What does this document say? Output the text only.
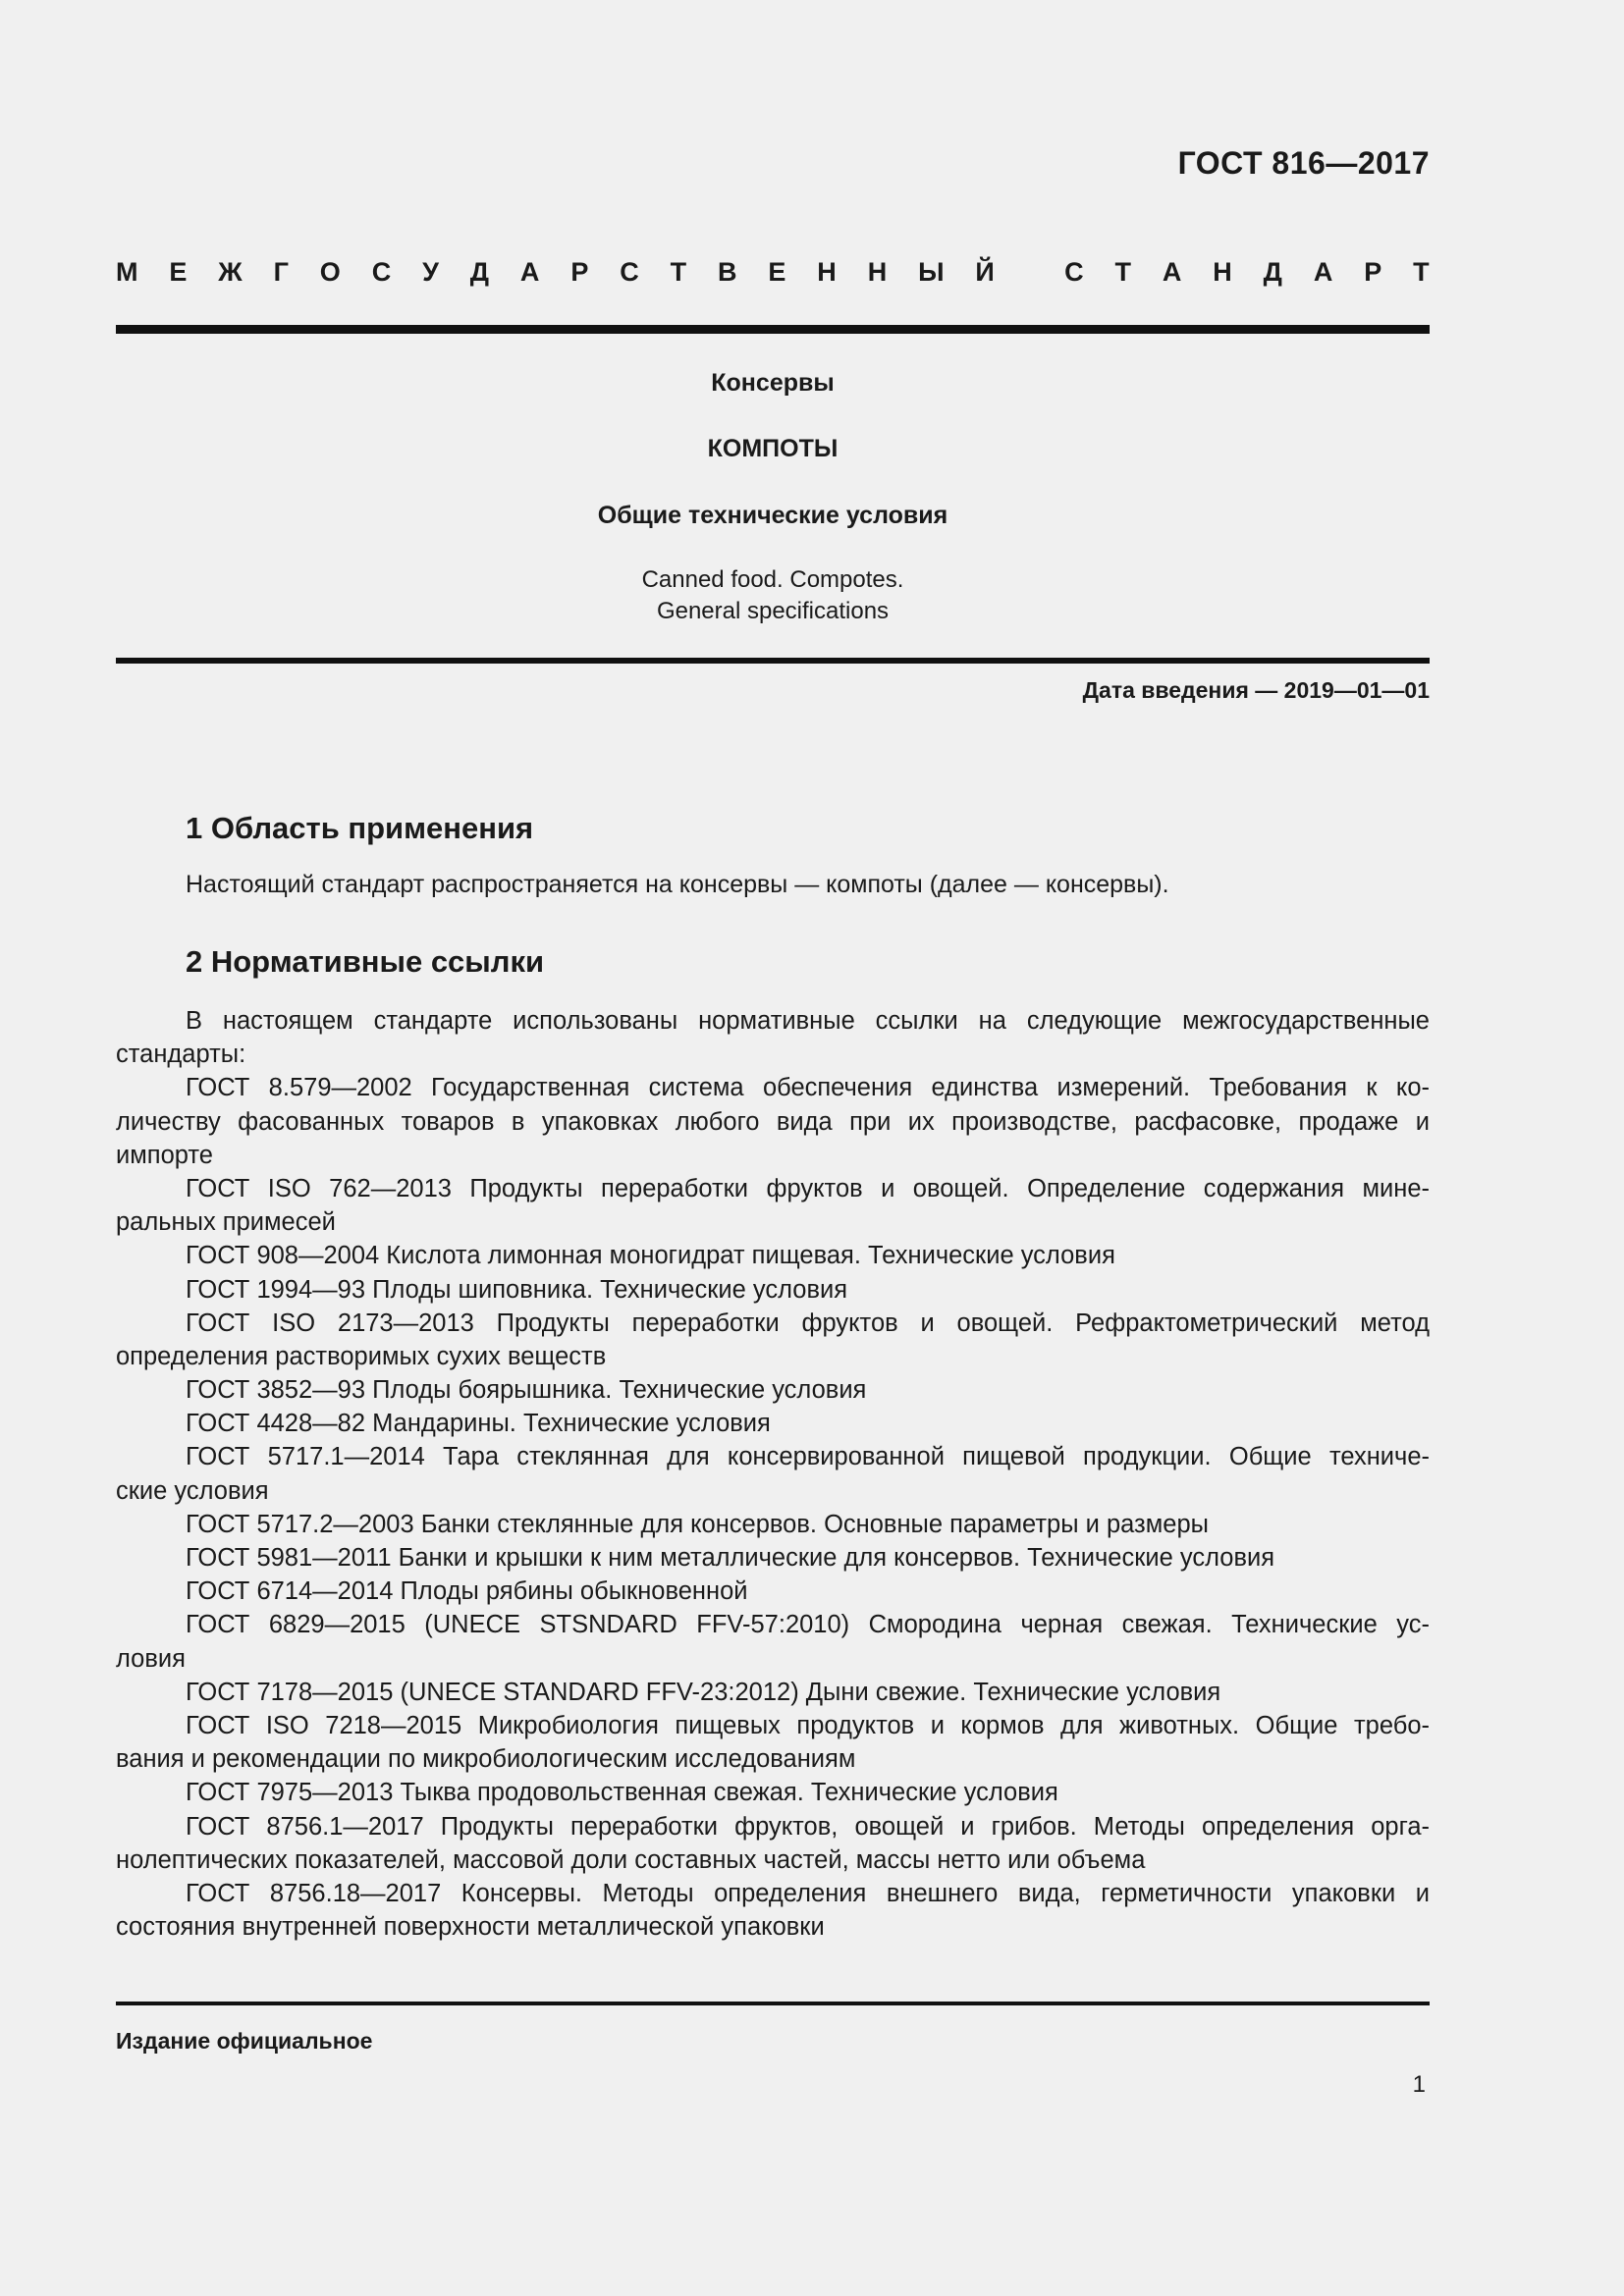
ГОСТ 816—2017
М Е Ж Г О С У Д А Р С Т В Е Н Н Ы Й
	С Т А Н Д А Р Т
Консервы
КОМПОТЫ
Общие технические условия
Canned food. Compotes.
General specifications
Дата введения — 2019—01—01
1 Область применения
Настоящий стандарт распространяется на консервы — компоты (далее — консервы).
2 Нормативные ссылки
В настоящем стандарте использованы нормативные ссылки на следующие межгосударственные
стандарты:
ГОСТ 8.579—2002 Государственная система обеспечения единства измерений. Требования к ко-
личеству фасованных товаров в упаковках любого вида при их производстве, расфасовке, продаже и
импорте
ГОСТ ISO 762—2013 Продукты переработки фруктов и овощей. Определение содержания мине-
ральных примесей
ГОСТ 908—2004 Кислота лимонная моногидрат пищевая. Технические условия
ГОСТ 1994—93 Плоды шиповника. Технические условия
ГОСТ ISO 2173—2013 Продукты переработки фруктов и овощей. Рефрактометрический метод
определения растворимых сухих веществ
ГОСТ 3852—93 Плоды боярышника. Технические условия
ГОСТ 4428—82 Мандарины. Технические условия
ГОСТ 5717.1—2014 Тара стеклянная для консервированной пищевой продукции. Общие техниче-
ские условия
ГОСТ 5717.2—2003 Банки стеклянные для консервов. Основные параметры и размеры
ГОСТ 5981—2011 Банки и крышки к ним металлические для консервов. Технические условия
ГОСТ 6714—2014 Плоды рябины обыкновенной
ГОСТ 6829—2015 (UNECE STSNDARD FFV-57:2010) Смородина черная свежая. Технические ус-
ловия
ГОСТ 7178—2015 (UNECE STANDARD FFV-23:2012) Дыни свежие. Технические условия
ГОСТ ISO 7218—2015 Микробиология пищевых продуктов и кормов для животных. Общие требо-
вания и рекомендации по микробиологическим исследованиям
ГОСТ 7975—2013 Тыква продовольственная свежая. Технические условия
ГОСТ 8756.1—2017 Продукты переработки фруктов, овощей и грибов. Методы определения орга-
нолептических показателей, массовой доли составных частей, массы нетто или объема
ГОСТ 8756.18—2017 Консервы. Методы определения внешнего вида, герметичности упаковки и
состояния внутренней поверхности металлической упаковки
Издание официальное
1
